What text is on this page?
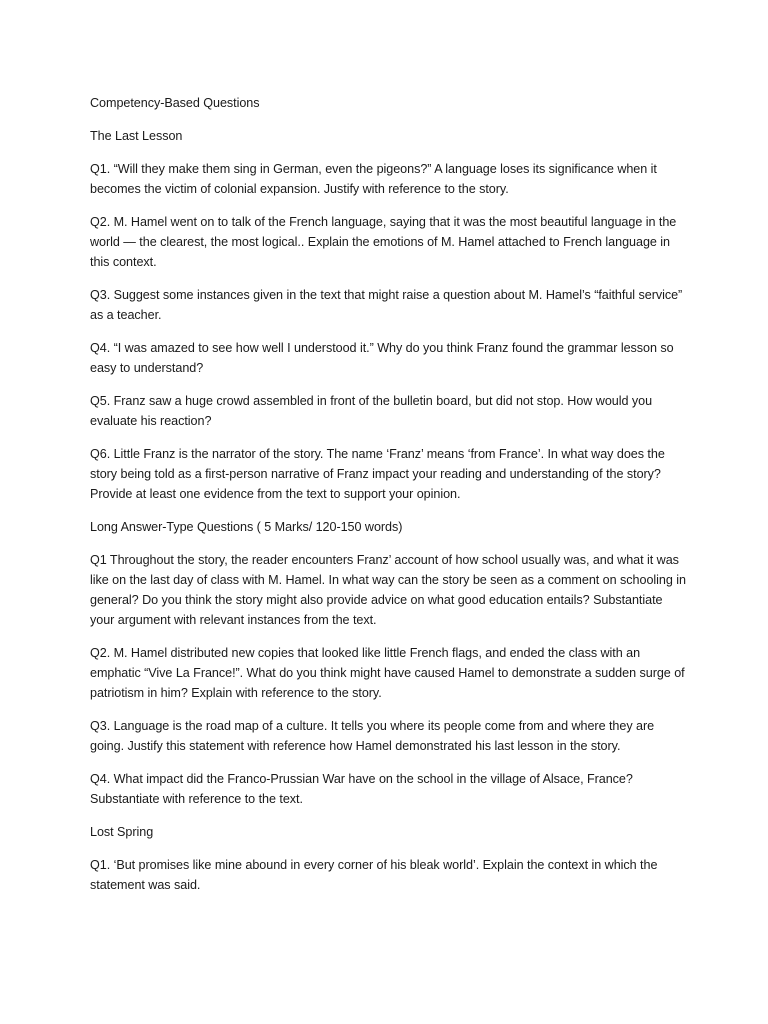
Competency-Based Questions

The Last Lesson

Q1. “Will they make them sing in German, even the pigeons?” A language loses its significance when it becomes the victim of colonial expansion. Justify with reference to the story.

Q2. M. Hamel went on to talk of the French language, saying that it was the most beautiful language in the world — the clearest, the most logical.. Explain the emotions of M. Hamel attached to French language in this context.

Q3. Suggest some instances given in the text that might raise a question about M. Hamel’s “faithful service” as a teacher.

Q4. “I was amazed to see how well I understood it.” Why do you think Franz found the grammar lesson so easy to understand?

Q5. Franz saw a huge crowd assembled in front of the bulletin board, but did not stop. How would you evaluate his reaction?

Q6. Little Franz is the narrator of the story. The name ‘Franz’ means ‘from France’. In what way does the story being told as a first-person narrative of Franz impact your reading and understanding of the story? Provide at least one evidence from the text to support your opinion.

Long Answer-Type Questions ( 5 Marks/ 120-150 words)

Q1 Throughout the story, the reader encounters Franz’ account of how school usually was, and what it was like on the last day of class with M. Hamel. In what way can the story be seen as a comment on schooling in general? Do you think the story might also provide advice on what good education entails? Substantiate your argument with relevant instances from the text.

Q2. M. Hamel distributed new copies that looked like little French flags, and ended the class with an emphatic “Vive La France!”. What do you think might have caused Hamel to demonstrate a sudden surge of patriotism in him? Explain with reference to the story.

Q3. Language is the road map of a culture. It tells you where its people come from and where they are going. Justify this statement with reference how Hamel demonstrated his last lesson in the story.

Q4. What impact did the Franco-Prussian War have on the school in the village of Alsace, France? Substantiate with reference to the text.

Lost Spring

Q1. ‘But promises like mine abound in every corner of his bleak world’. Explain the context in which the statement was said.
